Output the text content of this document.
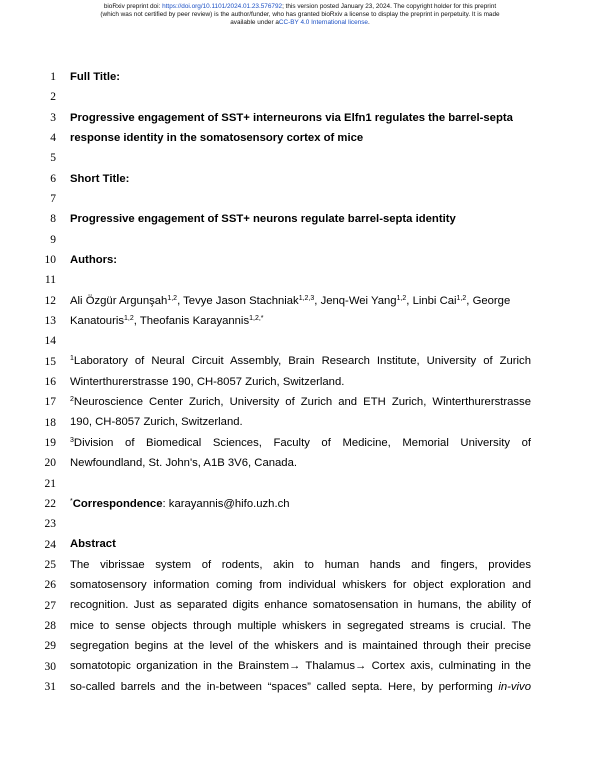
bioRxiv preprint doi: https://doi.org/10.1101/2024.01.23.576792; this version posted January 23, 2024. The copyright holder for this preprint
(which was not certified by peer review) is the author/funder, who has granted bioRxiv a license to display the preprint in perpetuity. It is made
available under aCC-BY 4.0 International license.
1
2
3
4
5
6
7
8
9
10
11
12
13
14
15
16
17
18
19
20
21
22
23
24
25
26
27
28
29
30
31
Full Title:
Progressive engagement of SST+ interneurons via Elfn1 regulates the barrel-septa
response identity in the somatosensory cortex of mice
Short Title:
Progressive engagement of SST+ neurons regulate barrel-septa identity
Authors:
Ali Özgür Argunşah$^{1,2}$, Tevye Jason Stachniak$^{1,2,3}$, Jenq-Wei Yang$^{1,2}$, Linbi Cai$^{1,2}$, George
Kanatouris$^{1,2}$, Theofanis Karayannis$^{1,2,*}$
$^1$Laboratory of Neural Circuit Assembly, Brain Research Institute, University of Zurich
Winterthurerstrasse 190, CH-8057 Zurich, Switzerland.
$^2$Neuroscience Center Zurich, University of Zurich and ETH Zurich, Winterthurerstrasse
190, CH-8057 Zurich, Switzerland.
$^3$Division of Biomedical Sciences, Faculty of Medicine, Memorial University of
Newfoundland, St. John's, A1B 3V6, Canada.
*Correspondence: karayannis@hifo.uzh.ch
Abstract
The vibrissae system of rodents, akin to human hands and fingers, provides
somatosensory information coming from individual whiskers for object exploration and
recognition. Just as separated digits enhance somatosensation in humans, the ability of
mice to sense objects through multiple whiskers in segregated streams is crucial. The
segregation begins at the level of the whiskers and is maintained through their precise
somatotopic organization in the Brainstem→ Thalamus→ Cortex axis, culminating in the
so-called barrels and the in-between “spaces” called septa. Here, by performing in-vivo
